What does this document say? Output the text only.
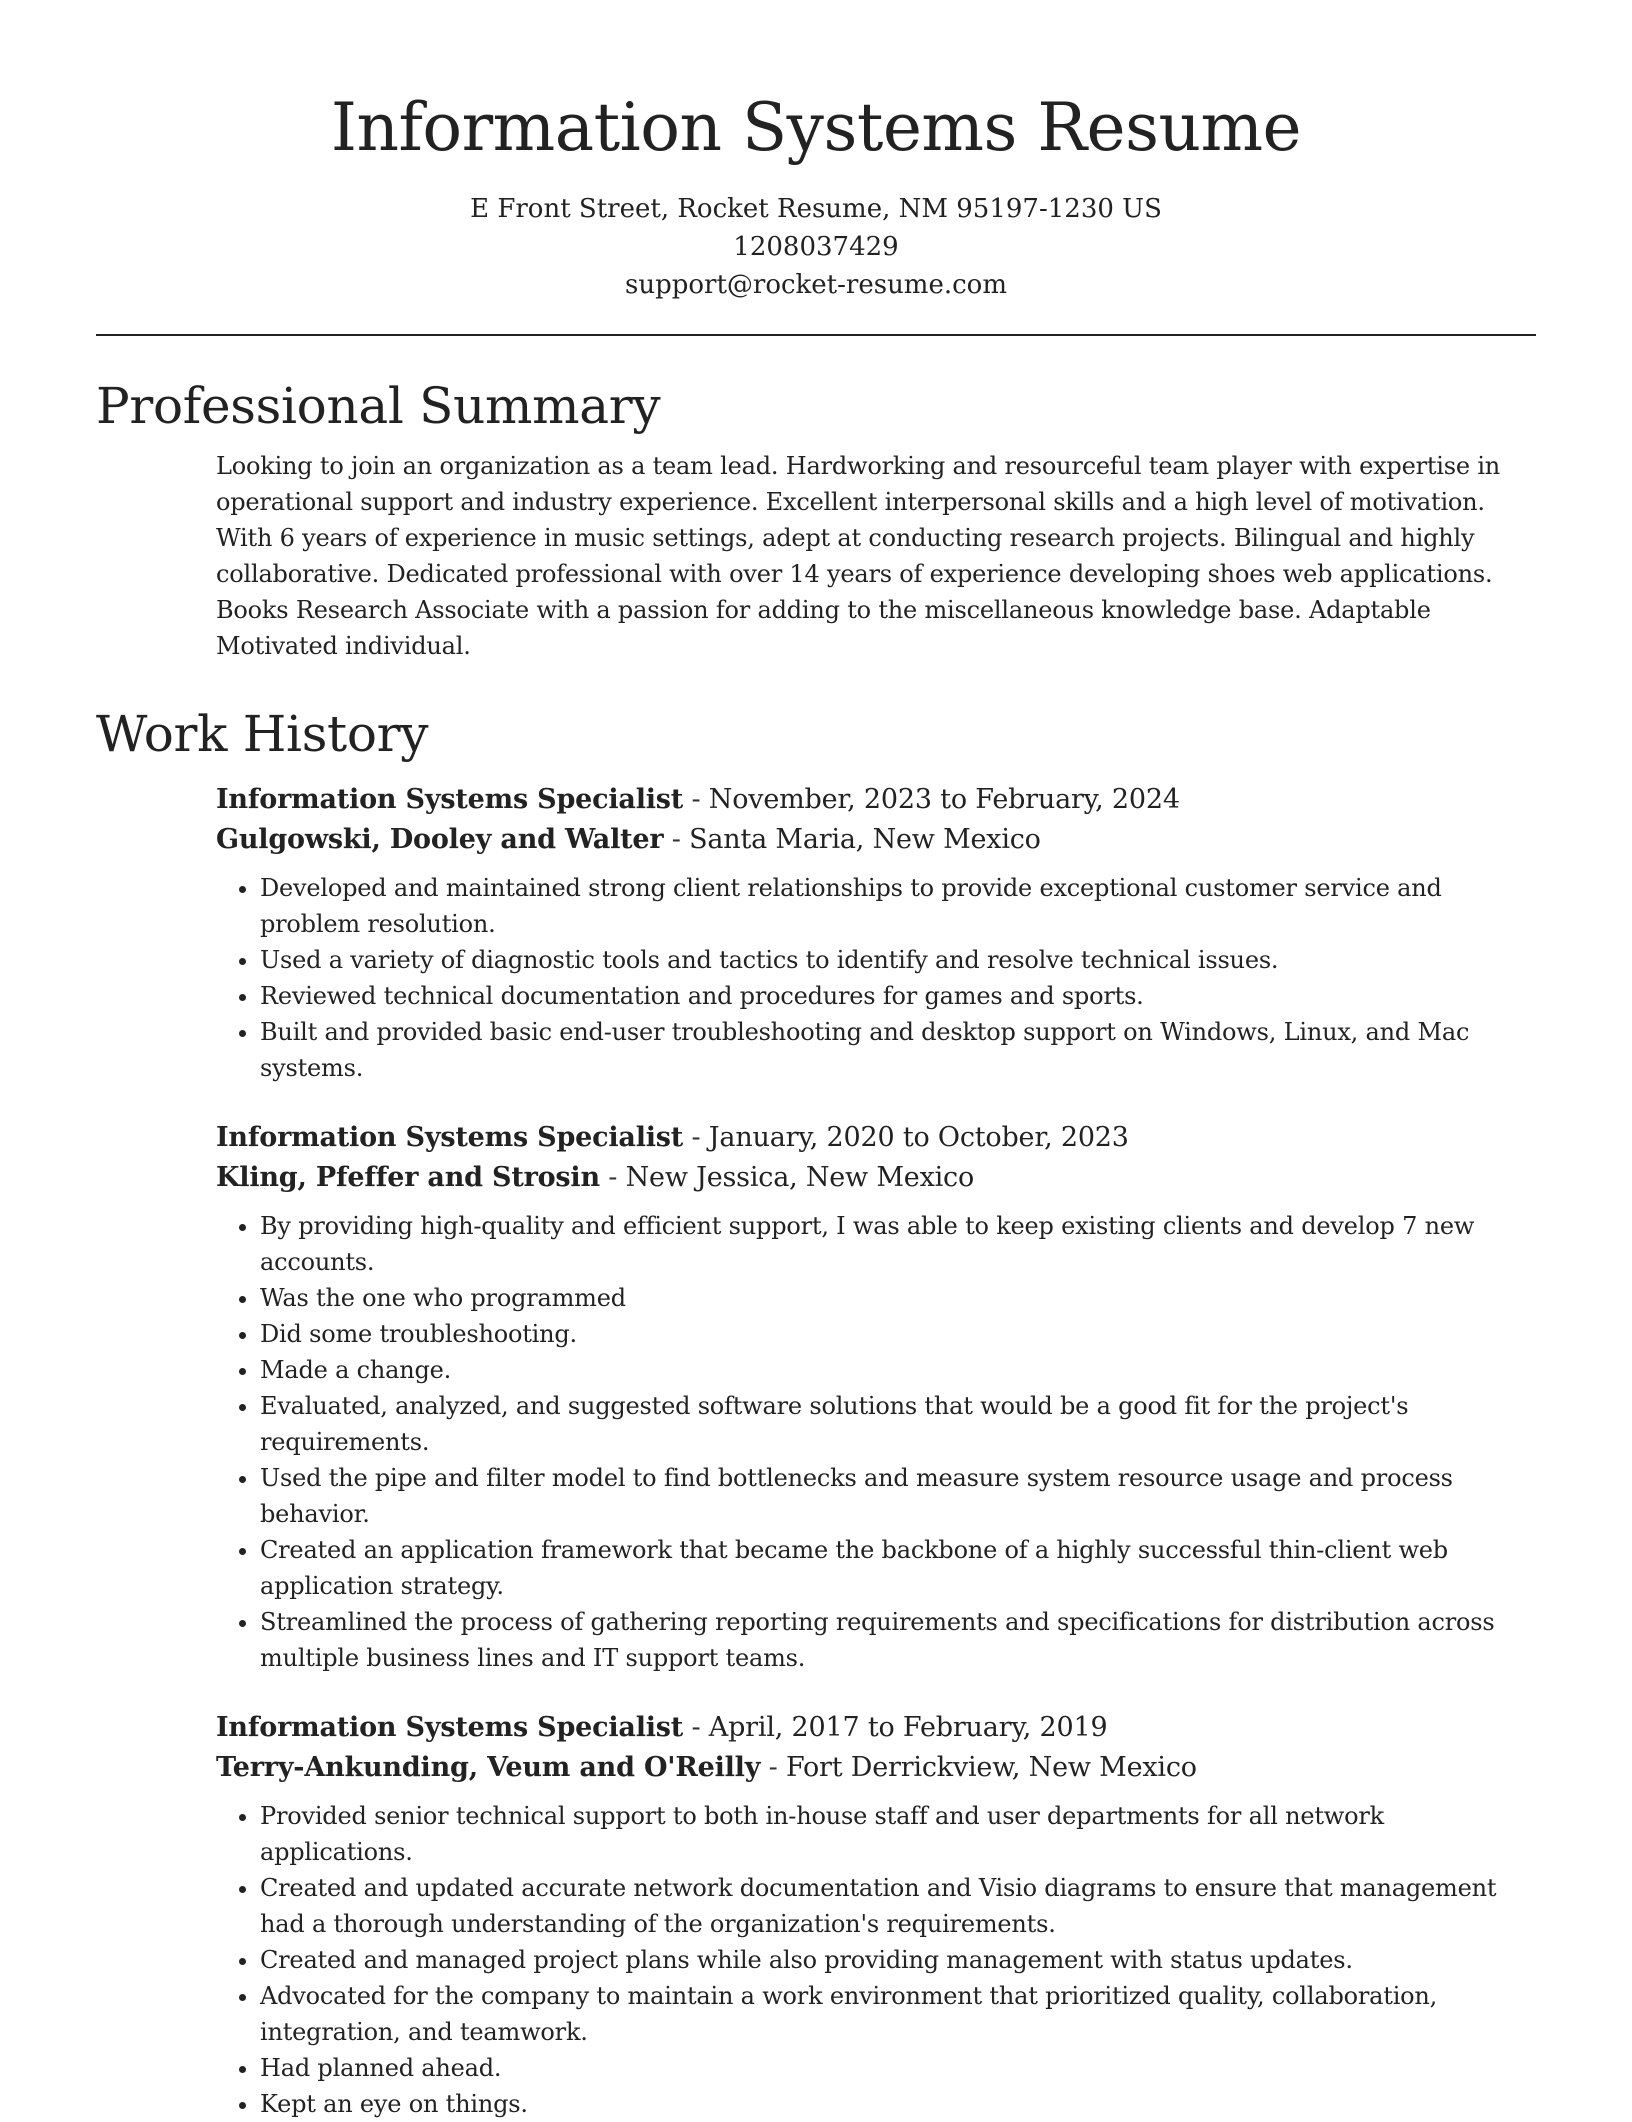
Information Systems Resume
E Front Street, Rocket Resume, NM 95197-1230 US
1208037429
support@rocket-resume.com
Professional Summary

Looking to join an organization as a team lead. Hardworking and resourceful team player with expertise in operational support and industry experience. Excellent interpersonal skills and a high level of motivation. With 6 years of experience in music settings, adept at conducting research projects. Bilingual and highly collaborative. Dedicated professional with over 14 years of experience developing shoes web applications. Books Research Associate with a passion for adding to the miscellaneous knowledge base. Adaptable Motivated individual.

Work History
Information Systems Specialist - November, 2023 to February, 2024
Gulgowski, Dooley and Walter - Santa Maria, New Mexico
• Developed and maintained strong client relationships to provide exceptional customer service and problem resolution.
• Used a variety of diagnostic tools and tactics to identify and resolve technical issues.
• Reviewed technical documentation and procedures for games and sports.
• Built and provided basic end-user troubleshooting and desktop support on Windows, Linux, and Mac systems.
Information Systems Specialist - January, 2020 to October, 2023
Kling, Pfeffer and Strosin - New Jessica, New Mexico
• By providing high-quality and efficient support, I was able to keep existing clients and develop 7 new accounts.
• Was the one who programmed
• Did some troubleshooting.
• Made a change.
• Evaluated, analyzed, and suggested software solutions that would be a good fit for the project's requirements.
• Used the pipe and filter model to find bottlenecks and measure system resource usage and process behavior.
• Created an application framework that became the backbone of a highly successful thin-client web application strategy.
• Streamlined the process of gathering reporting requirements and specifications for distribution across multiple business lines and IT support teams.
Information Systems Specialist - April, 2017 to February, 2019
Terry-Ankunding, Veum and O'Reilly - Fort Derrickview, New Mexico
• Provided senior technical support to both in-house staff and user departments for all network applications.
• Created and updated accurate network documentation and Visio diagrams to ensure that management had a thorough understanding of the organization's requirements.
• Created and managed project plans while also providing management with status updates.
• Advocated for the company to maintain a work environment that prioritized quality, collaboration, integration, and teamwork.
• Had planned ahead.
• Kept an eye on things.
